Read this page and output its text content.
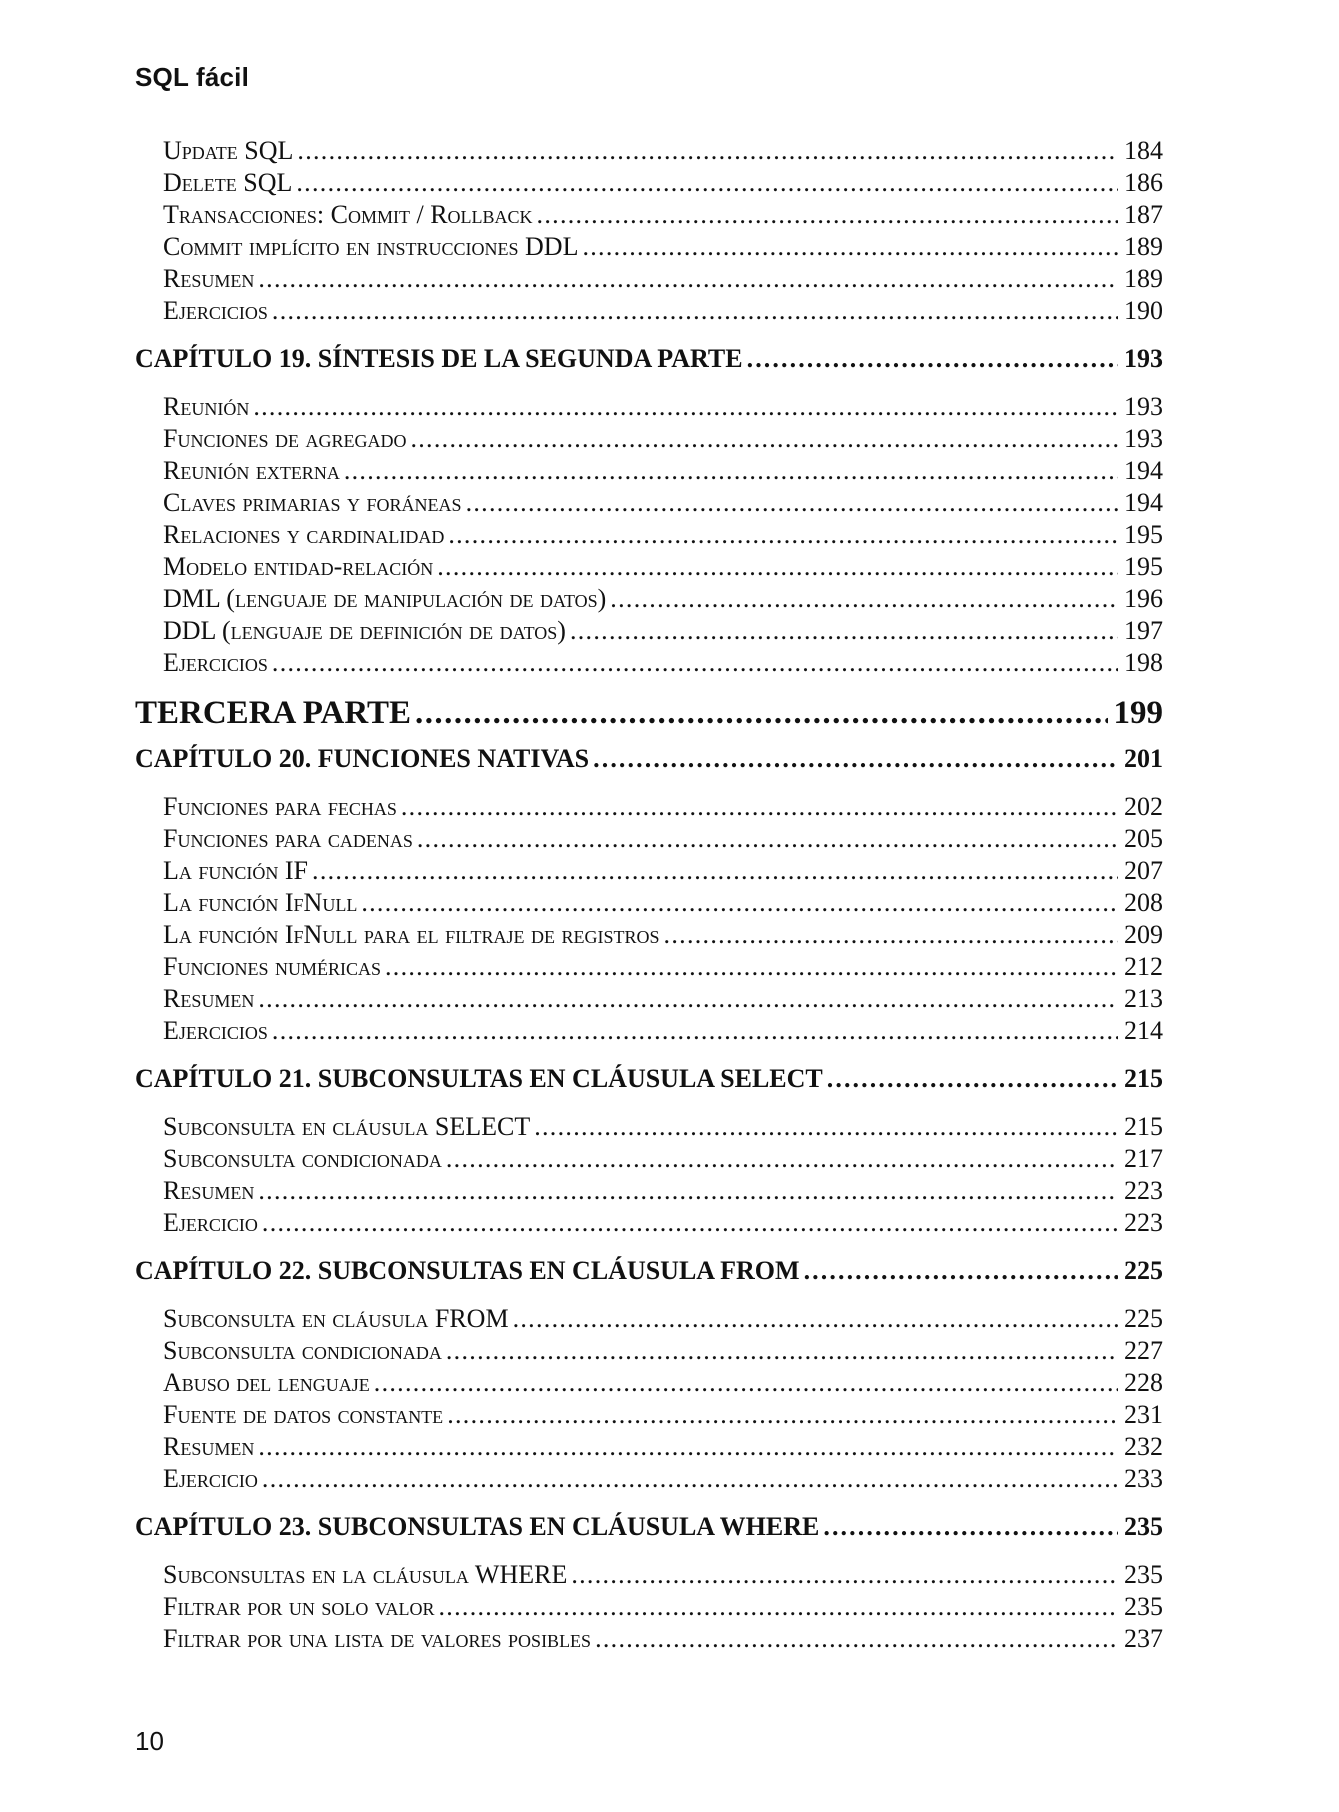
SQL fácil
Update SQL . . .	184
Delete SQL . . .	186
Transacciones: Commit / Rollback . . .	187
Commit implícito en instrucciones DDL . . .	189
Resumen . . .	189
Ejercicios . . .	190
CAPÍTULO 19. SÍNTESIS DE LA SEGUNDA PARTE . . .	193
Reunión . . .	193
Funciones de agregado . . .	193
Reunión externa . . .	194
Claves primarias y foráneas . . .	194
Relaciones y cardinalidad . . .	195
Modelo entidad-relación . . .	195
DML (lenguaje de manipulación de datos) . . .	196
DDL (lenguaje de definición de datos) . . .	197
Ejercicios . . .	198
TERCERA PARTE . . .	199
CAPÍTULO 20. FUNCIONES NATIVAS . . .	201
Funciones para fechas . . .	202
Funciones para cadenas . . .	205
La función IF . . .	207
La función IfNull . . .	208
La función IfNull para el filtraje de registros . . .	209
Funciones numéricas . . .	212
Resumen . . .	213
Ejercicios . . .	214
CAPÍTULO 21. SUBCONSULTAS EN CLÁUSULA SELECT . . .	215
Subconsulta en cláusula SELECT . . .	215
Subconsulta condicionada . . .	217
Resumen . . .	223
Ejercicio . . .	223
CAPÍTULO 22. SUBCONSULTAS EN CLÁUSULA FROM . . .	225
Subconsulta en cláusula FROM . . .	225
Subconsulta condicionada . . .	227
Abuso del lenguaje . . .	228
Fuente de datos constante . . .	231
Resumen . . .	232
Ejercicio . . .	233
CAPÍTULO 23. SUBCONSULTAS EN CLÁUSULA WHERE . . .	235
Subconsultas en la cláusula WHERE . . .	235
Filtrar por un solo valor . . .	235
Filtrar por una lista de valores posibles . . .	237
10
